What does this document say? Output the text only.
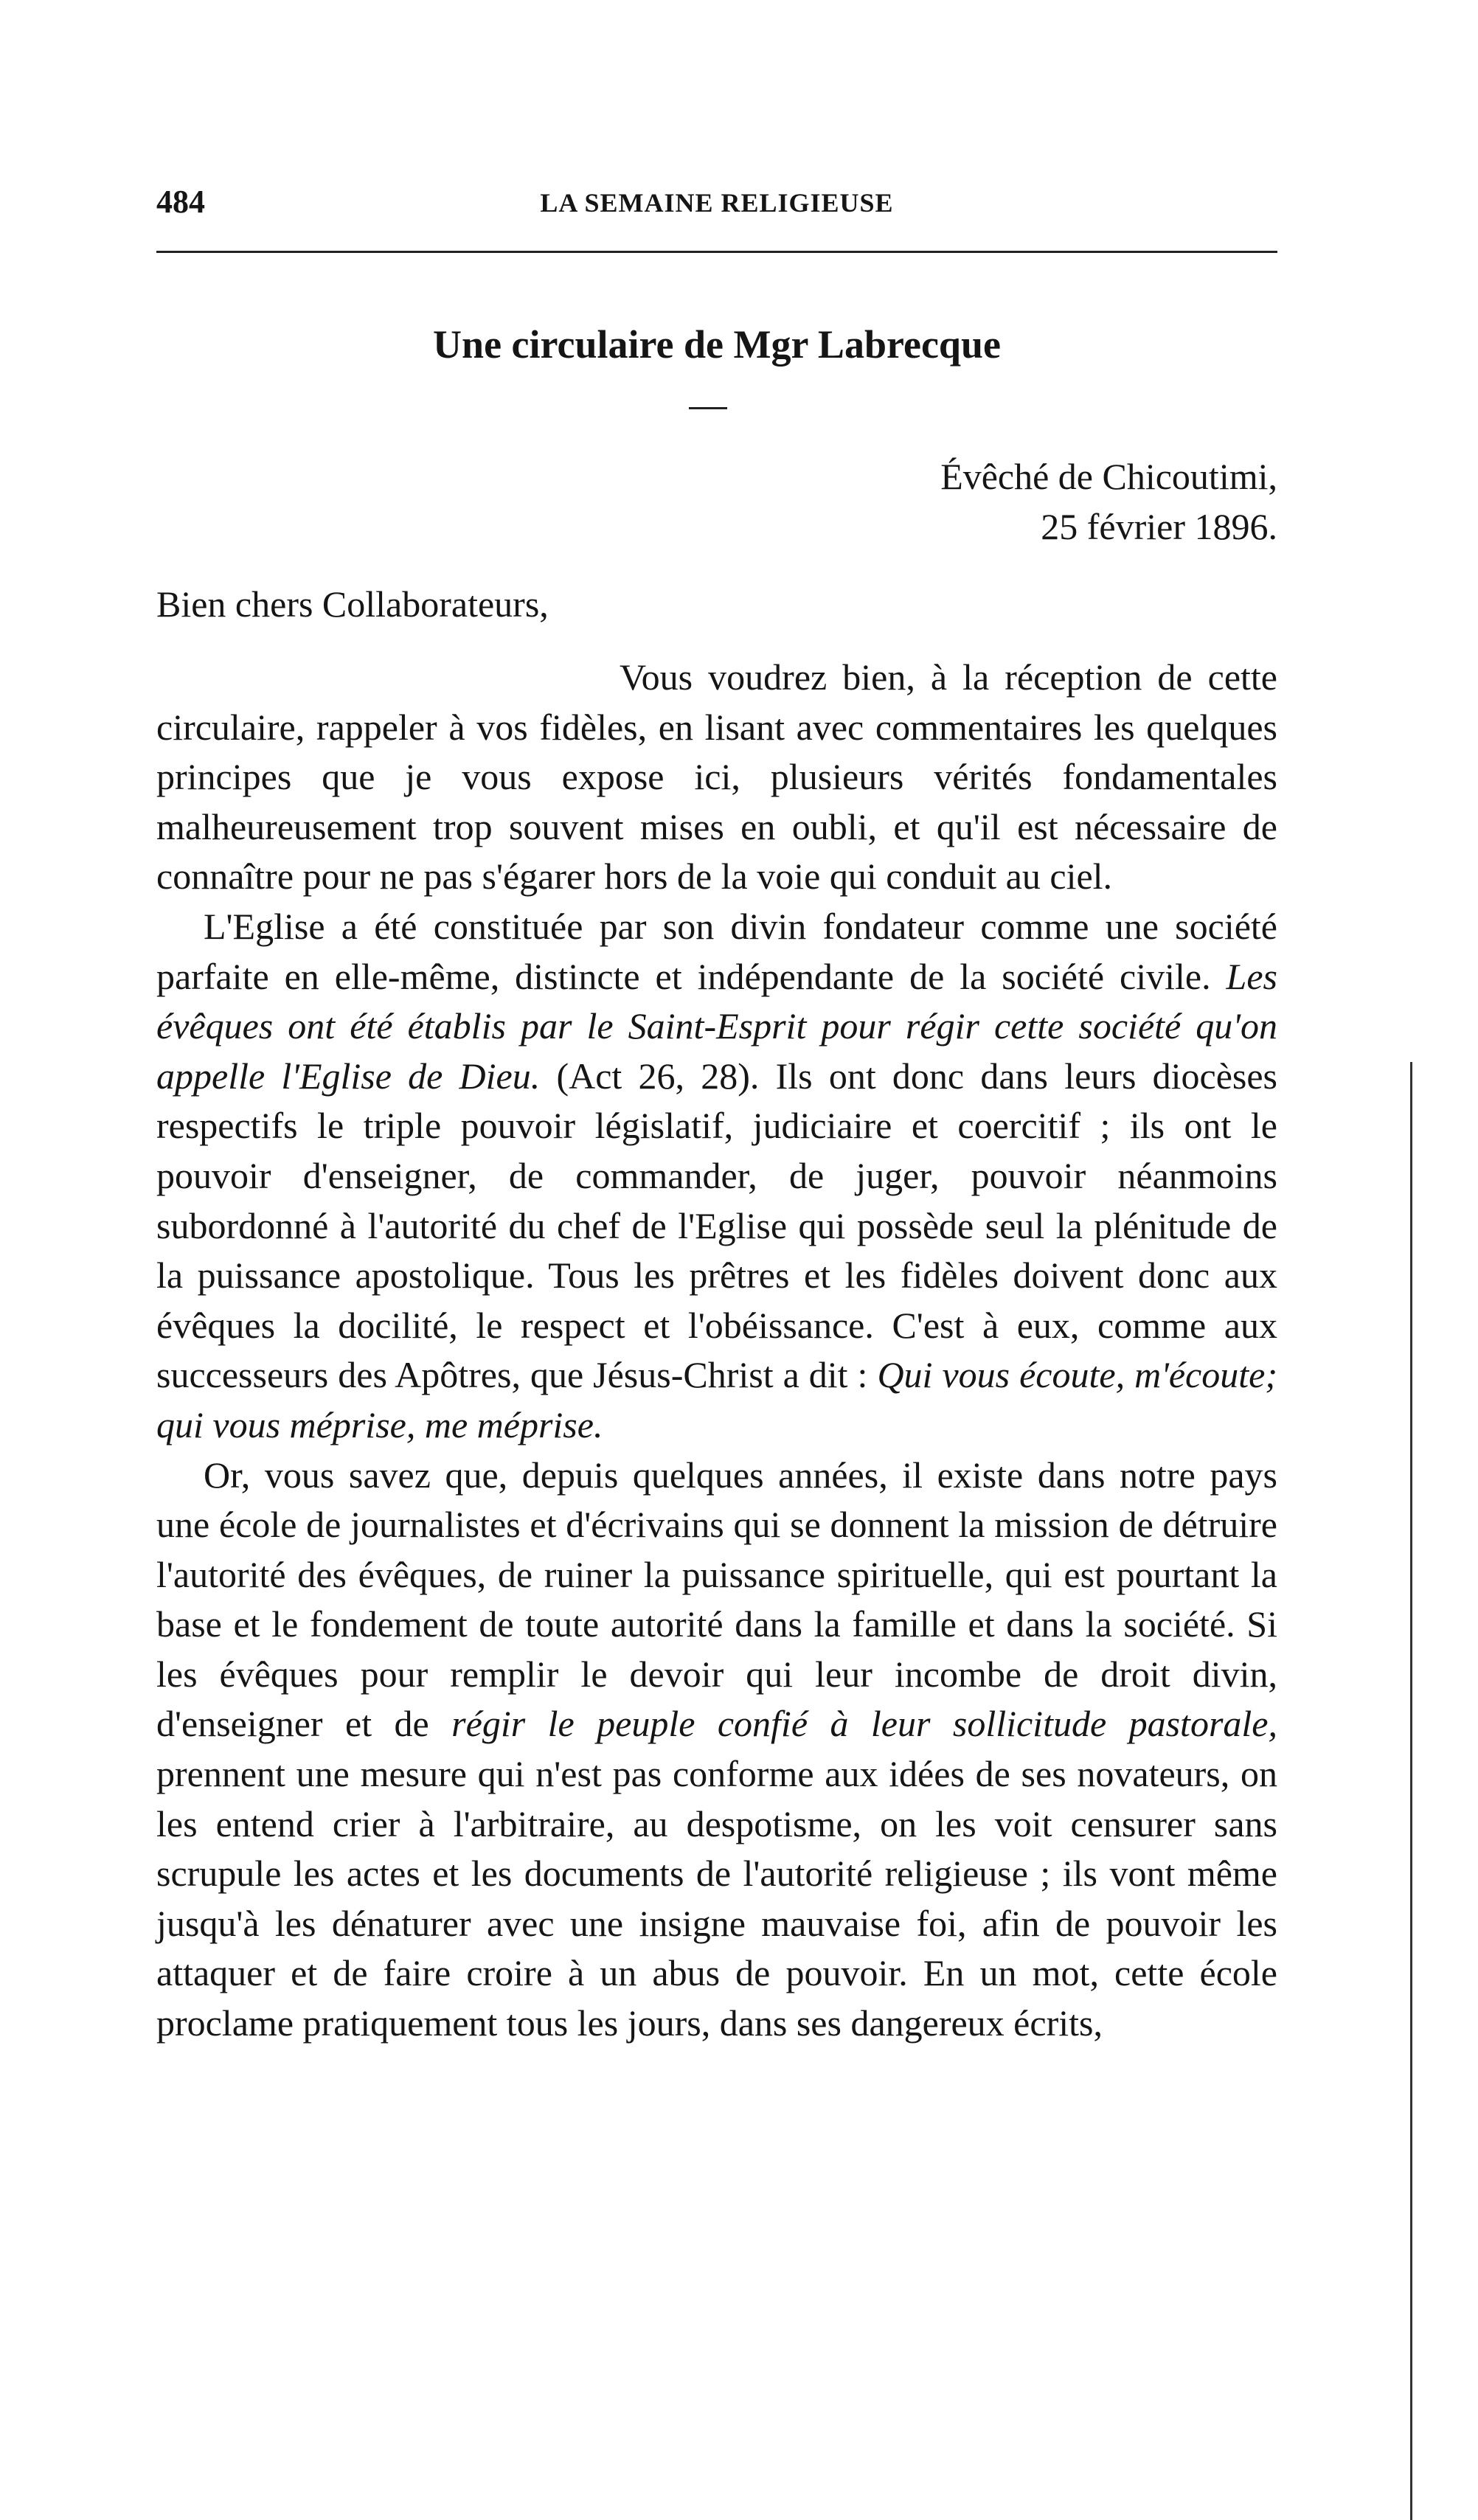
484	LA SEMAINE RELIGIEUSE
Une circulaire de Mgr Labrecque
Évêché de Chicoutimi,
25 février 1896.
Bien chers Collaborateurs,

Vous voudrez bien, à la réception de cette circulaire, rappeler à vos fidèles, en lisant avec commentaires les quelques principes que je vous expose ici, plusieurs vérités fondamentales malheureusement trop souvent mises en oubli, et qu'il est nécessaire de connaître pour ne pas s'égarer hors de la voie qui conduit au ciel.

L'Eglise a été constituée par son divin fondateur comme une société parfaite en elle-même, distincte et indépendante de la société civile. Les évêques ont été établis par le Saint-Esprit pour régir cette société qu'on appelle l'Eglise de Dieu. (Act 26, 28). Ils ont donc dans leurs diocèses respectifs le triple pouvoir législatif, judiciaire et coercitif ; ils ont le pouvoir d'enseigner, de commander, de juger, pouvoir néanmoins subordonné à l'autorité du chef de l'Eglise qui possède seul la plénitude de la puissance apostolique. Tous les prêtres et les fidèles doivent donc aux évêques la docilité, le respect et l'obéissance. C'est à eux, comme aux successeurs des Apôtres, que Jésus-Christ a dit : Qui vous écoute, m'écoute; qui vous méprise, me méprise.

Or, vous savez que, depuis quelques années, il existe dans notre pays une école de journalistes et d'écrivains qui se donnent la mission de détruire l'autorité des évêques, de ruiner la puissance spirituelle, qui est pourtant la base et le fondement de toute autorité dans la famille et dans la société. Si les évêques pour remplir le devoir qui leur incombe de droit divin, d'enseigner et de régir le peuple confié à leur sollicitude pastorale, prennent une mesure qui n'est pas conforme aux idées de ses novateurs, on les entend crier à l'arbitraire, au despotisme, on les voit censurer sans scrupule les actes et les documents de l'autorité religieuse ; ils vont même jusqu'à les dénaturer avec une insigne mauvaise foi, afin de pouvoir les attaquer et de faire croire à un abus de pouvoir. En un mot, cette école proclame pratiquement tous les jours, dans ses dangereux écrits,
